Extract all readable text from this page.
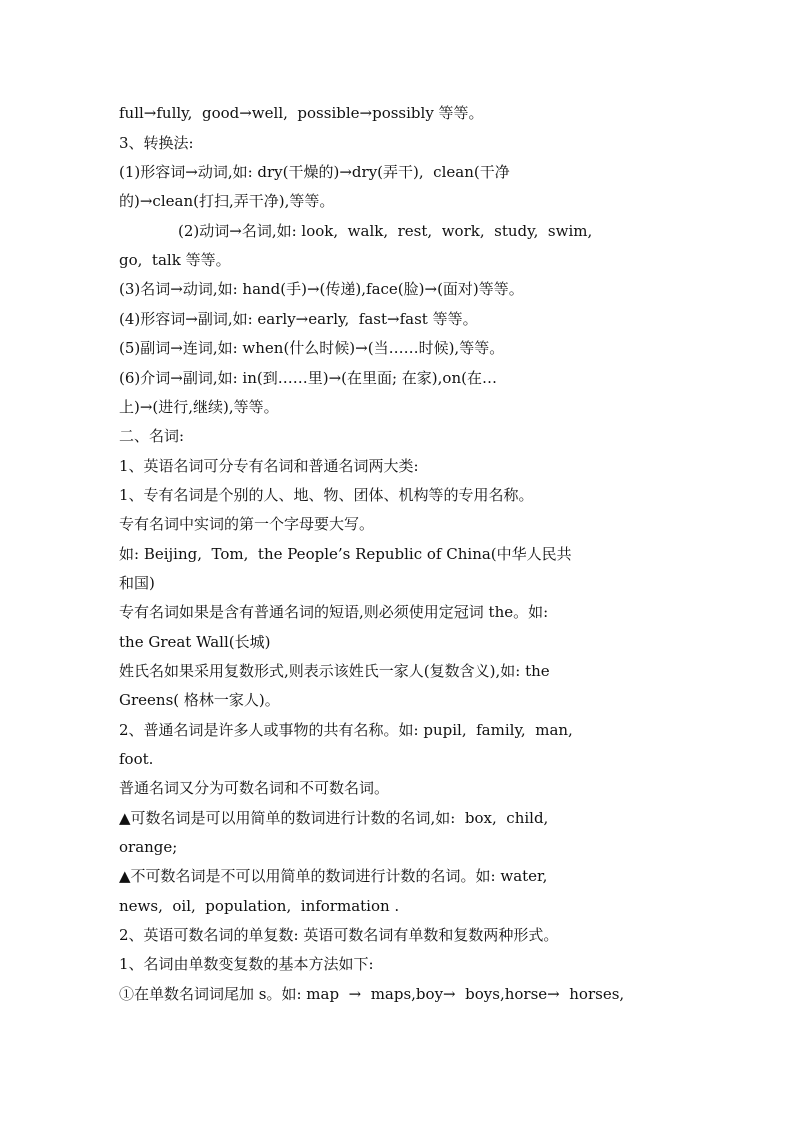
full→fully,  good→well,  possible→possibly 等等。
3、转换法:
(1)形容词→动词,如: dry(干燥的)→dry(弄干),  clean(干净
的)→clean(打扫,弄干净),等等。
(2)动词→名词,如: look,  walk,  rest,  work,  study,  swim,
go,  talk 等等。
(3)名词→动词,如: hand(手)→(传递),face(脸)→(面对)等等。
(4)形容词→副词,如: early→early,  fast→fast 等等。
(5)副词→连词,如: when(什么时候)→(当……时候),等等。
(6)介词→副词,如: in(到……里)→(在里面; 在家),on(在…
上)→(进行,继续),等等。
二、名词:
1、英语名词可分专有名词和普通名词两大类:
1、专有名词是个别的人、地、物、团体、机构等的专用名称。
专有名词中实词的第一个字母要大写。
如: Beijing,  Tom,  the People’s Republic of China(中华人民共
和国)
专有名词如果是含有普通名词的短语,则必须使用定冠词 the。如:
the Great Wall(长城)
姓氏名如果采用复数形式,则表示该姓氏一家人(复数含义),如: the
Greens( 格林一家人)。
2、普通名词是许多人或事物的共有名称。如: pupil,  family,  man,
foot.
普通名词又分为可数名词和不可数名词。
▲可数名词是可以用简单的数词进行计数的名词,如:  box,  child,
orange;
▲不可数名词是不可以用简单的数词进行计数的名词。如: water,
news,  oil,  population,  information .
2、英语可数名词的单复数: 英语可数名词有单数和复数两种形式。
1、名词由单数变复数的基本方法如下:
①在单数名词词尾加 s。如: map  →  maps,boy→  boys,horse→  horses,
